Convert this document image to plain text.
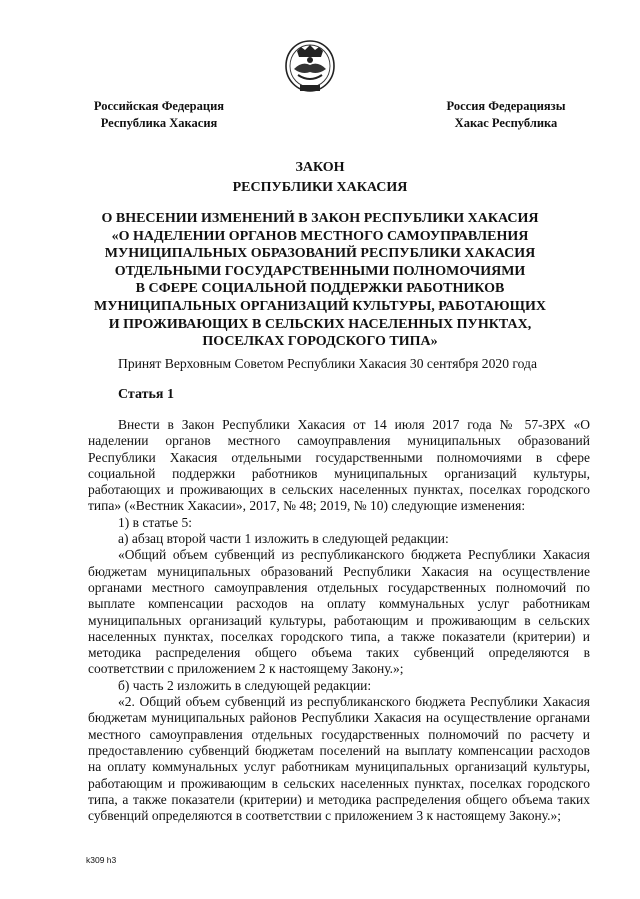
Российская Федерация
Республика Хакасия
Россия Федерациязы
Хакас Республика
ЗАКОН
РЕСПУБЛИКИ ХАКАСИЯ
О ВНЕСЕНИИ ИЗМЕНЕНИЙ В ЗАКОН РЕСПУБЛИКИ ХАКАСИЯ
«О НАДЕЛЕНИИ ОРГАНОВ МЕСТНОГО САМОУПРАВЛЕНИЯ
МУНИЦИПАЛЬНЫХ ОБРАЗОВАНИЙ РЕСПУБЛИКИ ХАКАСИЯ
ОТДЕЛЬНЫМИ ГОСУДАРСТВЕННЫМИ ПОЛНОМОЧИЯМИ
В СФЕРЕ СОЦИАЛЬНОЙ ПОДДЕРЖКИ РАБОТНИКОВ
МУНИЦИПАЛЬНЫХ ОРГАНИЗАЦИЙ КУЛЬТУРЫ, РАБОТАЮЩИХ
И ПРОЖИВАЮЩИХ В СЕЛЬСКИХ НАСЕЛЕННЫХ ПУНКТАХ,
ПОСЕЛКАХ ГОРОДСКОГО ТИПА»
Принят Верховным Советом Республики Хакасия 30 сентября 2020 года
Статья 1

Внести в Закон Республики Хакасия от 14 июля 2017 года № 57-ЗРХ «О наделении органов местного самоуправления муниципальных образований Республики Хакасия отдельными государственными полномочиями в сфере социальной поддержки работников муниципальных организаций культуры, работающих и проживающих в сельских населенных пунктах, поселках городского типа» («Вестник Хакасии», 2017, № 48; 2019, № 10) следующие изменения:

1) в статье 5:

а) абзац второй части 1 изложить в следующей редакции:

«Общий объем субвенций из республиканского бюджета Республики Хакасия бюджетам муниципальных образований Республики Хакасия на осуществление органами местного самоуправления отдельных государственных полномочий по выплате компенсации расходов на оплату коммунальных услуг работникам муниципальных организаций культуры, работающим и проживающим в сельских населенных пунктах, поселках городского типа, а также показатели (критерии) и методика распределения общего объема таких субвенций определяются в соответствии с приложением 2 к настоящему Закону.»;

б) часть 2 изложить в следующей редакции:

«2. Общий объем субвенций из республиканского бюджета Республики Хакасия бюджетам муниципальных районов Республики Хакасия на осуществление органами местного самоуправления отдельных государственных полномочий по расчету и предоставлению субвенций бюджетам поселений на выплату компенсации расходов на оплату коммунальных услуг работникам муниципальных организаций культуры, работающим и проживающим в сельских населенных пунктах, поселках городского типа, а также показатели (критерии) и методика распределения общего объема таких субвенций определяются в соответствии с приложением 3 к настоящему Закону.»;

k309 h3
